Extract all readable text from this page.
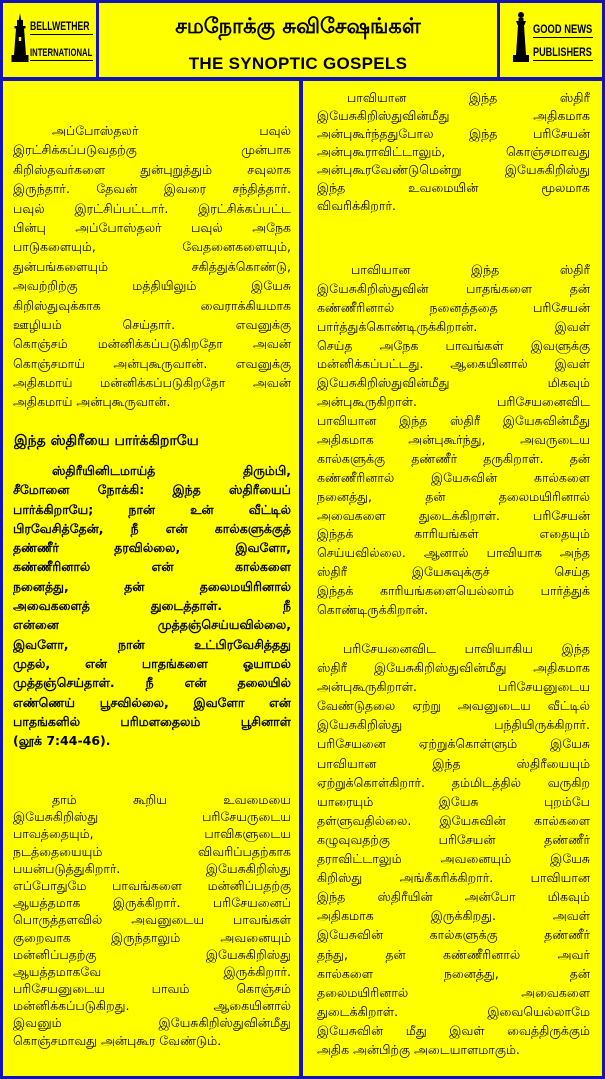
BELLWETHER
INTERNATIONAL
சமநோக்கு சுவிசேஷங்கள்
THE SYNOPTIC GOSPELS
GOOD NEWS
PUBLISHERS
அப்போஸ்தலர் பவுல்
இரட்சிக்கப்படுவதற்கு முன்பாக
கிறிஸ்தவர்களை துன்புறுத்தும் சவுலாக
இருந்தார். தேவன் இவரை சந்தித்தார்.
பவுல் இரட்சிப்பட்டார். இரட்சிக்கப்பட்ட
பின்பு அப்போஸ்தலர் பவுல் அநேக
பாடுகளையும், வேதனைகளையும்,
துன்பங்களையும் சகித்துக்கொண்டு,
அவற்றிற்கு மத்தியிலும் இயேசு
கிறிஸ்துவுக்காக வைராக்கியமாக
ஊழியம் செய்தார். எவனுக்கு
கொஞ்சம் மன்னிக்கப்படுகிறதோ அவன்
கொஞ்சமாய் அன்புகூருவான். எவனுக்கு
அதிகமாய் மன்னிக்கப்படுகிறதோ அவன்
அதிகமாய் அன்புகூருவான்.
இந்த ஸ்திரீயை பார்க்கிறாயே
ஸ்திரீயினிடமாய்த் திரும்பி,
சீமோனை நோக்கி: இந்த ஸ்திரீயைப்
பார்க்கிறாயே; நான் உன் வீட்டில்
பிரவேசித்தேன், நீ என் கால்களுக்குத்
தண்ணீர் தரவில்லை, இவளோ,
கண்ணீரினால் என் கால்களை
நனைத்து, தன் தலைமயிரினால்
அவைகளைத் துடைத்தாள். நீ
என்னை முத்தஞ்செய்யவில்லை,
இவளோ, நான் உட்பிரவேசித்தது
முதல், என் பாதங்களை ஓயாமல்
முத்தஞ்செய்தாள். நீ என் தலையில்
எண்ணெய் பூசவில்லை, இவளோ என்
பாதங்களில் பரிமளதைலம் பூசினாள்
(லூக் 7:44-46).
தாம் கூறிய உவமையை
இயேசுகிறிஸ்து பரிசேயருடைய
பாவத்தையும், பாவிகளுடைய
நடத்தையையும் விவரிப்பதற்காக
பயன்படுத்துகிறார். இயேசுகிறிஸ்து
எப்போதுமே பாவங்களை மன்னிப்பதற்கு
ஆயத்தமாக இருக்கிறார். பரிசேயனைப்
பொருத்தளவில் அவனுடைய பாவங்கள்
குறைவாக இருந்தாலும் அவனையும்
மன்னிப்பதற்கு இயேசுகிறிஸ்து
ஆயத்தமாகவே இருக்கிறார்.
பரிசேயனுடைய பாவம் கொஞ்சம்
மன்னிக்கப்படுகிறது. ஆகையினால்
இவனும் இயேசுகிறிஸ்துவின்மீது
கொஞ்சமாவது அன்புகூர வேண்டும்.
பாவியான இந்த ஸ்திரீ
இயேசுகிறிஸ்துவின்மீது அதிகமாக
அன்புகூர்ந்ததுபோல இந்த பரிசேயன்
அன்புகூராவிட்டாலும், கொஞ்சமாவது
அன்புகூரவேண்டுமென்று இயேசுகிறிஸ்து
இந்த உவமையின் மூலமாக
விவரிக்கிறார்.
பாவியான இந்த ஸ்திரீ
இயேசுகிறிஸ்துவின் பாதங்களை தன்
கண்ணீரினால் நனைத்ததை பரிசேயன்
பார்த்துக்கொண்டிருக்கிறான். இவள்
செய்த அநேக பாவங்கள் இவளுக்கு
மன்னிக்கப்பட்டது. ஆகையினால் இவள்
இயேசுகிறிஸ்துவின்மீது மிகவும்
அன்புகூருகிறாள். பரிசேயனைவிட
பாவியான இந்த ஸ்திரீ இயேசுவின்மீது
அதிகமாக அன்புகூர்ந்து, அவருடைய
கால்களுக்கு தண்ணீர் தருகிறாள். தன்
கண்ணீரினால் இயேசுவின் கால்களை
நனைத்து, தன் தலைமயிரினால்
அவைகளை துடைக்கிறாள். பரிசேயன்
இந்தக் காரியங்கள் எதையும்
செய்யவில்லை. ஆனால் பாவியாக அந்த
ஸ்திரீ இயேசுவுக்குச் செய்த
இந்தக் காரியங்களையெல்லாம் பார்த்துக்
கொண்டிருக்கிறான்.
பரிசேயனைவிட பாவியாகிய இந்த
ஸ்திரீ இயேசுகிறிஸ்துவின்மீது அதிகமாக
அன்புகூருகிறாள். பரிசேயனுடைய
வேண்டுதலை ஏற்று அவனுடைய வீட்டில்
இயேசுகிறிஸ்து பந்தியிருக்கிறார்.
பரிசேயனை ஏற்றுக்கொள்ளும் இயேசு
பாவியான இந்த ஸ்திரீயையும்
ஏற்றுக்கொள்கிறார். தம்மிடத்தில் வருகிற
யாரையும் இயேசு புறம்பே
தள்ளுவதில்லை. இயேசுவின் கால்களை
கழுவுவதற்கு பரிசேயன் தண்ணீர்
தராவிட்டாலும் அவனையும் இயேசு
கிறிஸ்து அங்கீகரிக்கிறார். பாவியான
இந்த ஸ்திரீயின் அன்போ மிகவும்
அதிகமாக இருக்கிறது. அவள்
இயேசுவின் கால்களுக்கு தண்ணீர்
தந்து, தன் கண்ணீரினால் அவர்
கால்களை நனைத்து, தன்
தலைமயிரினால் அவைகளை
துடைக்கிறாள். இவையெல்லாமே
இயேசுவின் மீது இவள் வைத்திருக்கும்
அதிக அன்பிற்கு அடையாளமாகும்.
